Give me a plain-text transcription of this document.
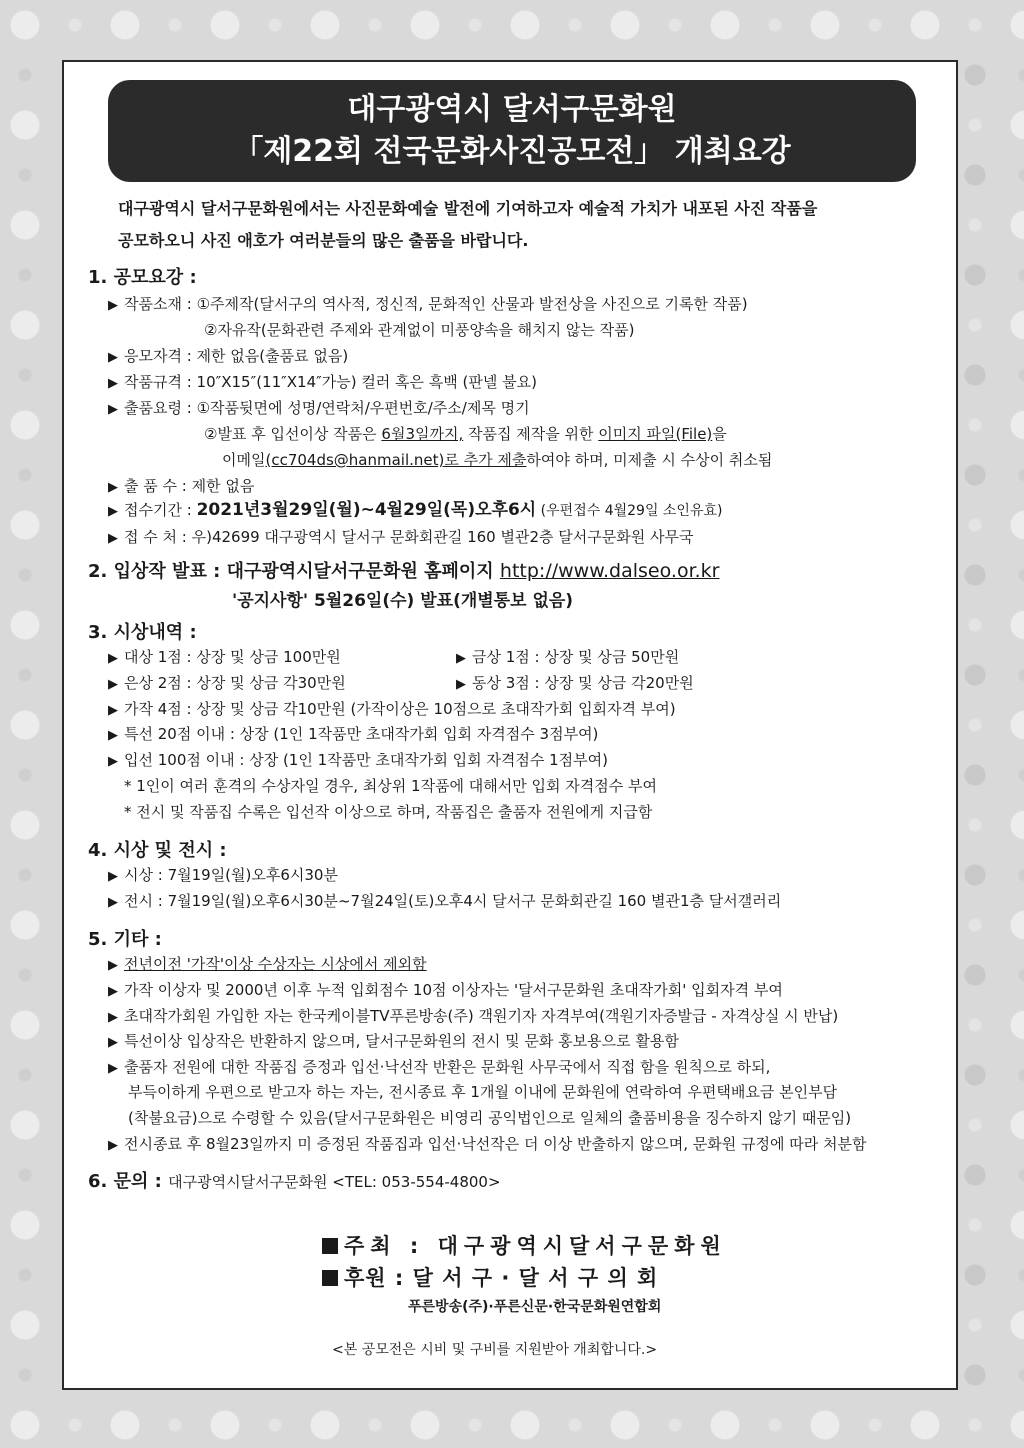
대구광역시 달서구문화원
「제22회 전국문화사진공모전」 개최요강
대구광역시 달서구문화원에서는 사진문화예술 발전에 기여하고자 예술적 가치가 내포된 사진 작품을
공모하오니 사진 애호가 여러분들의 많은 출품을 바랍니다.
1. 공모요강 :
▶ 작품소재 : ①주제작(달서구의 역사적, 정신적, 문화적인 산물과 발전상을 사진으로 기록한 작품)
②자유작(문화관련 주제와 관계없이 미풍양속을 해치지 않는 작품)
▶ 응모자격 : 제한 없음(출품료 없음)
▶ 작품규격 : 10″X15″(11″X14″가능) 컬러 혹은 흑백 (판넬 불요)
▶ 출품요령 : ①작품뒷면에 성명/연락처/우편번호/주소/제목 명기
②발표 후 입선이상 작품은 6월3일까지, 작품집 제작을 위한 이미지 파일(File)을
이메일(cc704ds@hanmail.net)로 추가 제출하여야 하며, 미제출 시 수상이 취소됨
▶ 출 품 수 : 제한 없음
▶ 접수기간 : 2021년3월29일(월)~4월29일(목)오후6시 (우편접수 4월29일 소인유효)
▶ 접 수 처 : 우)42699 대구광역시 달서구 문화회관길 160 별관2층 달서구문화원 사무국
2. 입상작 발표 : 대구광역시달서구문화원 홈페이지 http://www.dalseo.or.kr
'공지사항' 5월26일(수) 발표(개별통보 없음)
3. 시상내역 :
▶ 대상 1점 : 상장 및 상금 100만원	▶ 금상 1점 : 상장 및 상금 50만원
▶ 은상 2점 : 상장 및 상금 각30만원	▶ 동상 3점 : 상장 및 상금 각20만원
▶ 가작 4점 : 상장 및 상금 각10만원 (가작이상은 10점으로 초대작가회 입회자격 부여)
▶ 특선 20점 이내 : 상장 (1인 1작품만 초대작가회 입회 자격점수 3점부여)
▶ 입선 100점 이내 : 상장 (1인 1작품만 초대작가회 입회 자격점수 1점부여)
* 1인이 여러 훈격의 수상자일 경우, 최상위 1작품에 대해서만 입회 자격점수 부여
* 전시 및 작품집 수록은 입선작 이상으로 하며, 작품집은 출품자 전원에게 지급함
4. 시상 및 전시 :
▶ 시상 : 7월19일(월)오후6시30분
▶ 전시 : 7월19일(월)오후6시30분~7월24일(토)오후4시 달서구 문화회관길 160 별관1층 달서갤러리
5. 기타 :
▶ 전년이전 '가작'이상 수상자는 시상에서 제외함
▶ 가작 이상자 및 2000년 이후 누적 입회점수 10점 이상자는 '달서구문화원 초대작가회' 입회자격 부여
▶ 초대작가회원 가입한 자는 한국케이블TV푸른방송(주) 객원기자 자격부여(객원기자증발급 - 자격상실 시 반납)
▶ 특선이상 입상작은 반환하지 않으며, 달서구문화원의 전시 및 문화 홍보용으로 활용함
▶ 출품자 전원에 대한 작품집 증정과 입선·낙선작 반환은 문화원 사무국에서 직접 함을 원칙으로 하되,
부득이하게 우편으로 받고자 하는 자는, 전시종료 후 1개월 이내에 문화원에 연락하여 우편택배요금 본인부담
(착불요금)으로 수령할 수 있음(달서구문화원은 비영리 공익법인으로 일체의 출품비용을 징수하지 않기 때문임)
▶ 전시종료 후 8월23일까지 미 증정된 작품집과 입선·낙선작은 더 이상 반출하지 않으며, 문화원 규정에 따라 처분함
6. 문의 : 대구광역시달서구문화원 <TEL: 053-554-4800>
주최 : 대구광역시달서구문화원
후원 : 달 서 구 · 달 서 구 의 회
푸른방송(주)·푸른신문·한국문화원연합회
<본 공모전은 시비 및 구비를 지원받아 개최합니다.>
